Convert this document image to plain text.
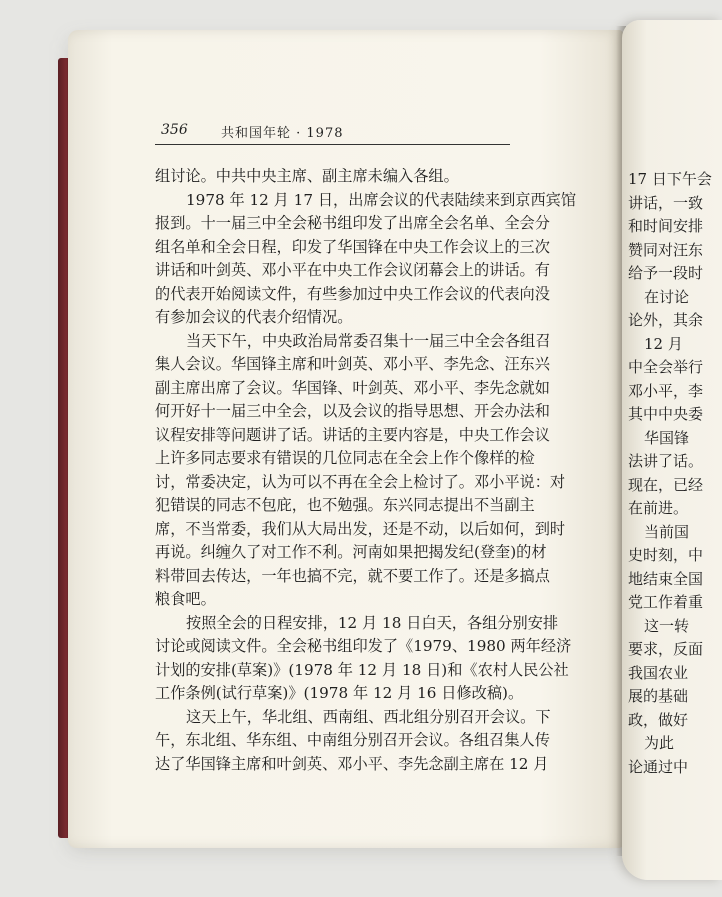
17 日下午会
讲话，一致
和时间安排
赞同对汪东
给予一段时
在讨论
论外，其余
12 月
中全会举行
邓小平，李
其中中央委
华国锋
法讲了话。
现在，已经
在前进。
当前国
史时刻，中
地结束全国
党工作着重
这一转
要求，反面
我国农业
展的基础
政，做好
为此
论通过中
356	共和国年轮 · 1978
组讨论。中共中央主席、副主席未编入各组。
1978 年 12 月 17 日，出席会议的代表陆续来到京西宾馆
报到。十一届三中全会秘书组印发了出席全会名单、全会分
组名单和全会日程，印发了华国锋在中央工作会议上的三次
讲话和叶剑英、邓小平在中央工作会议闭幕会上的讲话。有
的代表开始阅读文件，有些参加过中央工作会议的代表向没
有参加会议的代表介绍情况。
当天下午，中央政治局常委召集十一届三中全会各组召
集人会议。华国锋主席和叶剑英、邓小平、李先念、汪东兴
副主席出席了会议。华国锋、叶剑英、邓小平、李先念就如
何开好十一届三中全会，以及会议的指导思想、开会办法和
议程安排等问题讲了话。讲话的主要内容是，中央工作会议
上许多同志要求有错误的几位同志在全会上作个像样的检
讨，常委决定，认为可以不再在全会上检讨了。邓小平说：对
犯错误的同志不包庇，也不勉强。东兴同志提出不当副主
席，不当常委，我们从大局出发，还是不动，以后如何，到时
再说。纠缠久了对工作不利。河南如果把揭发纪(登奎)的材
料带回去传达，一年也搞不完，就不要工作了。还是多搞点
粮食吧。
按照全会的日程安排，12 月 18 日白天，各组分别安排
讨论或阅读文件。全会秘书组印发了《1979、1980 两年经济
计划的安排(草案)》(1978 年 12 月 18 日)和《农村人民公社
工作条例(试行草案)》(1978 年 12 月 16 日修改稿)。
这天上午，华北组、西南组、西北组分别召开会议。下
午，东北组、华东组、中南组分别召开会议。各组召集人传
达了华国锋主席和叶剑英、邓小平、李先念副主席在 12 月
